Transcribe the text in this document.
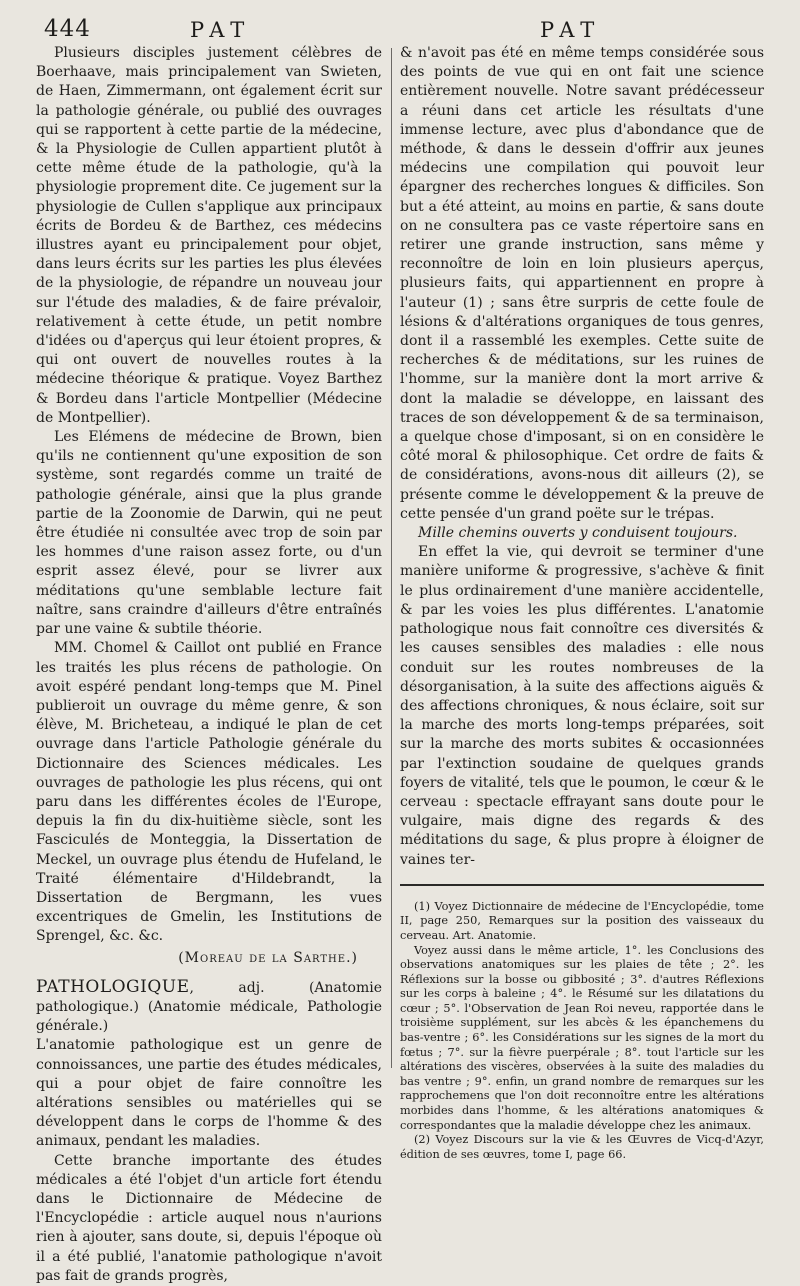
444	PAT	PAT

Plusieurs disciples justement célèbres de Boerhaave, mais principalement van Swieten, de Haen, Zimmermann, ont également écrit sur la pathologie générale, ou publié des ouvrages qui se rapportent à cette partie de la médecine, & la Physiologie de Cullen appartient plutôt à cette même étude de la pathologie, qu'à la physiologie proprement dite. Ce jugement sur la physiologie de Cullen s'applique aux principaux écrits de Bordeu & de Barthez, ces médecins illustres ayant eu principalement pour objet, dans leurs écrits sur les parties les plus élevées de la physiologie, de répandre un nouveau jour sur l'étude des maladies, & de faire prévaloir, relativement à cette étude, un petit nombre d'idées ou d'aperçus qui leur étoient propres, & qui ont ouvert de nouvelles routes à la médecine théorique & pratique. Voyez Barthez & Bordeu dans l'article Montpellier (Médecine de Montpellier).

Les Elémens de médecine de Brown, bien qu'ils ne contiennent qu'une exposition de son système, sont regardés comme un traité de pathologie générale, ainsi que la plus grande partie de la Zoonomie de Darwin, qui ne peut être étudiée ni consultée avec trop de soin par les hommes d'une raison assez forte, ou d'un esprit assez élevé, pour se livrer aux méditations qu'une semblable lecture fait naître, sans craindre d'ailleurs d'être entraînés par une vaine & subtile théorie.

MM. Chomel & Caillot ont publié en France les traités les plus récens de pathologie. On avoit espéré pendant long-temps que M. Pinel publieroit un ouvrage du même genre, & son élève, M. Bricheteau, a indiqué le plan de cet ouvrage dans l'article Pathologie générale du Dictionnaire des Sciences médicales. Les ouvrages de pathologie les plus récens, qui ont paru dans les différentes écoles de l'Europe, depuis la fin du dix-huitième siècle, sont les Fasciculés de Monteggia, la Dissertation de Meckel, un ouvrage plus étendu de Hufeland, le Traité élémentaire d'Hildebrandt, la Dissertation de Bergmann, les vues excentriques de Gmelin, les Institutions de Sprengel, &c. &c.

(Moreau de la Sarthe.)

PATHOLOGIQUE, adj. (Anatomie pathologique.) (Anatomie médicale, Pathologie générale.)

L'anatomie pathologique est un genre de connoissances, une partie des études médicales, qui a pour objet de faire connoître les altérations sensibles ou matérielles qui se développent dans le corps de l'homme & des animaux, pendant les maladies.

Cette branche importante des études médicales a été l'objet d'un article fort étendu dans le Dictionnaire de Médecine de l'Encyclopédie : article auquel nous n'aurions rien à ajouter, sans doute, si, depuis l'époque où il a été publié, l'anatomie pathologique n'avoit pas fait de grands progrès,

& n'avoit pas été en même temps considérée sous des points de vue qui en ont fait une science entièrement nouvelle. Notre savant prédécesseur a réuni dans cet article les résultats d'une immense lecture, avec plus d'abondance que de méthode, & dans le dessein d'offrir aux jeunes médecins une compilation qui pouvoit leur épargner des recherches longues & difficiles. Son but a été atteint, au moins en partie, & sans doute on ne consultera pas ce vaste répertoire sans en retirer une grande instruction, sans même y reconnoître de loin en loin plusieurs aperçus, plusieurs faits, qui appartiennent en propre à l'auteur (1) ; sans être surpris de cette foule de lésions & d'altérations organiques de tous genres, dont il a rassemblé les exemples. Cette suite de recherches & de méditations, sur les ruines de l'homme, sur la manière dont la mort arrive & dont la maladie se développe, en laissant des traces de son développement & de sa terminaison, a quelque chose d'imposant, si on en considère le côté moral & philosophique. Cet ordre de faits & de considérations, avons-nous dit ailleurs (2), se présente comme le développement & la preuve de cette pensée d'un grand poëte sur le trépas.

Mille chemins ouverts y conduisent toujours.

En effet la vie, qui devroit se terminer d'une manière uniforme & progressive, s'achève & finit le plus ordinairement d'une manière accidentelle, & par les voies les plus différentes. L'anatomie pathologique nous fait connoître ces diversités & les causes sensibles des maladies : elle nous conduit sur les routes nombreuses de la désorganisation, à la suite des affections aiguës & des affections chroniques, & nous éclaire, soit sur la marche des morts long-temps préparées, soit sur la marche des morts subites & occasionnées par l'extinction soudaine de quelques grands foyers de vitalité, tels que le poumon, le cœur & le cerveau : spectacle effrayant sans doute pour le vulgaire, mais digne des regards & des méditations du sage, & plus propre à éloigner de vaines ter-

(1) Voyez Dictionnaire de médecine de l'Encyclopédie, tome II, page 250, Remarques sur la position des vaisseaux du cerveau. Art. Anatomie.

Voyez aussi dans le même article, 1°. les Conclusions des observations anatomiques sur les plaies de tête ; 2°. les Réflexions sur la bosse ou gibbosité ; 3°. d'autres Réflexions sur les corps à baleine ; 4°. le Résumé sur les dilatations du cœur ; 5°. l'Observation de Jean Roi neveu, rapportée dans le troisième supplément, sur les abcès & les épanchemens du bas-ventre ; 6°. les Considérations sur les signes de la mort du fœtus ; 7°. sur la fièvre puerpérale ; 8°. tout l'article sur les altérations des viscères, observées à la suite des maladies du bas ventre ; 9°. enfin, un grand nombre de remarques sur les rapprochemens que l'on doit reconnoître entre les altérations morbides dans l'homme, & les altérations anatomiques & correspondantes que la maladie développe chez les animaux.

(2) Voyez Discours sur la vie & les Œuvres de Vicq-d'Azyr, édition de ses œuvres, tome I, page 66.
